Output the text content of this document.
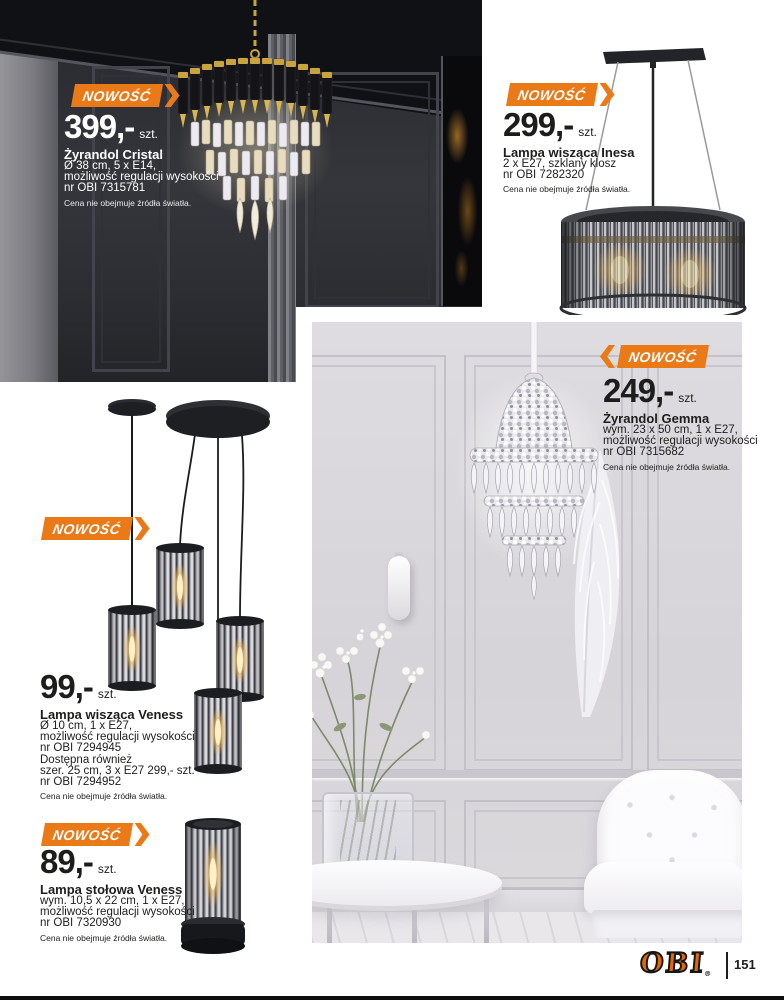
NOWOŚĆ	NOWOŚĆ
NOWOŚĆ
NOWOŚĆ
NOWOŚĆ
399,- szt.
Żyrandol Cristal
Ø 38 cm, 5 x E14,
możliwość regulacji wysokości
nr OBI 7315781
Cena nie obejmuje źródła światła.
299,- szt.
Lampa wisząca Inesa
2 x E27, szklany klosz
nr OBI 7282320
Cena nie obejmuje źródła światła.
99,- szt.
Lampa wisząca Veness
Ø 10 cm, 1 x E27,
możliwość regulacji wysokości
nr OBI 7294945
Dostępna również
szer. 25 cm, 3 x E27 299,- szt.
nr OBI 7294952
Cena nie obejmuje źródła światła.
89,- szt.
Lampa stołowa Veness
wym. 10,5 x 22 cm, 1 x E27,
możliwość regulacji wysokości
nr OBI 7320930
Cena nie obejmuje źródła światła.
249,- szt.
Żyrandol Gemma
wym. 23 x 50 cm, 1 x E27,
możliwość regulacji wysokości
nr OBI 7315682
Cena nie obejmuje źródła światła.
OBI®
151
